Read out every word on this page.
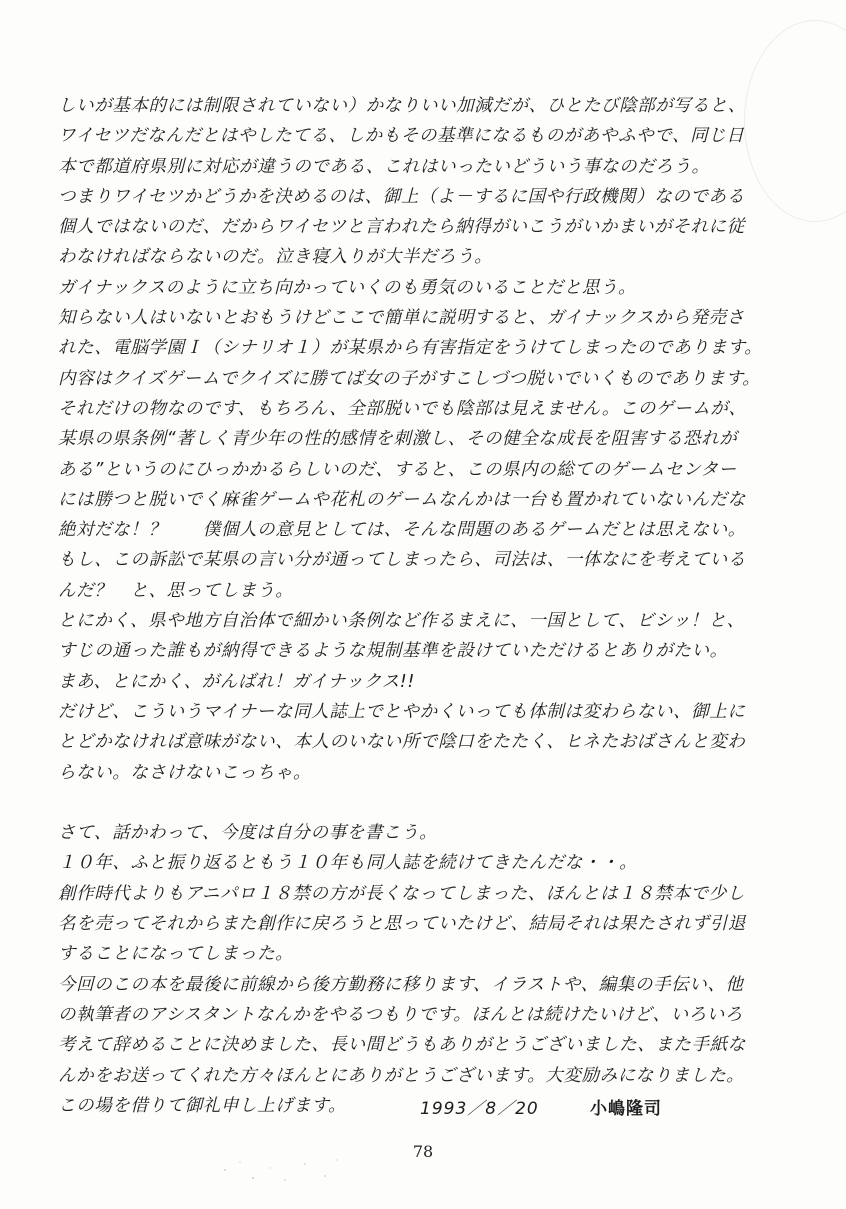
しいが基本的には制限されていない）かなりいい加減だが、ひとたび陰部が写ると、
ワイセツだなんだとはやしたてる、しかもその基準になるものがあやふやで、同じ日
本で都道府県別に対応が違うのである、これはいったいどういう事なのだろう。
つまりワイセツかどうかを決めるのは、御上（よ－するに国や行政機関）なのである
個人ではないのだ、だからワイセツと言われたら納得がいこうがいかまいがそれに従
わなければならないのだ。泣き寝入りが大半だろう。
ガイナックスのように立ち向かっていくのも勇気のいることだと思う。
知らない人はいないとおもうけどここで簡単に説明すると、ガイナックスから発売さ
れた、電脳学園Ｉ（シナリオ１）が某県から有害指定をうけてしまったのであります。
内容はクイズゲームでクイズに勝てば女の子がすこしづつ脱いでいくものであります。
それだけの物なのです、もちろん、全部脱いでも陰部は見えません。このゲームが、
某県の県条例“著しく青少年の性的感情を刺激し、その健全な成長を阻害する恐れが
ある”というのにひっかかるらしいのだ、すると、この県内の総てのゲームセンター
には勝つと脱いでく麻雀ゲームや花札のゲームなんかは一台も置かれていないんだな
絶対だな！？　　僕個人の意見としては、そんな問題のあるゲームだとは思えない。
もし、この訴訟で某県の言い分が通ってしまったら、司法は、一体なにを考えている
んだ？　と、思ってしまう。
とにかく、県や地方自治体で細かい条例など作るまえに、一国として、ビシッ！と、
すじの通った誰もが納得できるような規制基準を設けていただけるとありがたい。
まあ、とにかく、がんばれ！ガイナックス!!
だけど、こういうマイナーな同人誌上でとやかくいっても体制は変わらない、御上に
とどかなければ意味がない、本人のいない所で陰口をたたく、ヒネたおばさんと変わ
らない。なさけないこっちゃ。
さて、話かわって、今度は自分の事を書こう。
１０年、ふと振り返るともう１０年も同人誌を続けてきたんだな・・。
創作時代よりもアニパロ１８禁の方が長くなってしまった、ほんとは１８禁本で少し
名を売ってそれからまた創作に戻ろうと思っていたけど、結局それは果たされず引退
することになってしまった。
今回のこの本を最後に前線から後方勤務に移ります、イラストや、編集の手伝い、他
の執筆者のアシスタントなんかをやるつもりです。ほんとは続けたいけど、いろいろ
考えて辞めることに決めました、長い間どうもありがとうございました、また手紙な
んかをお送ってくれた方々ほんとにありがとうございます。大変励みになりました。
この場を借りて御礼申し上げます。	1993／8／20	小嶋隆司
78
